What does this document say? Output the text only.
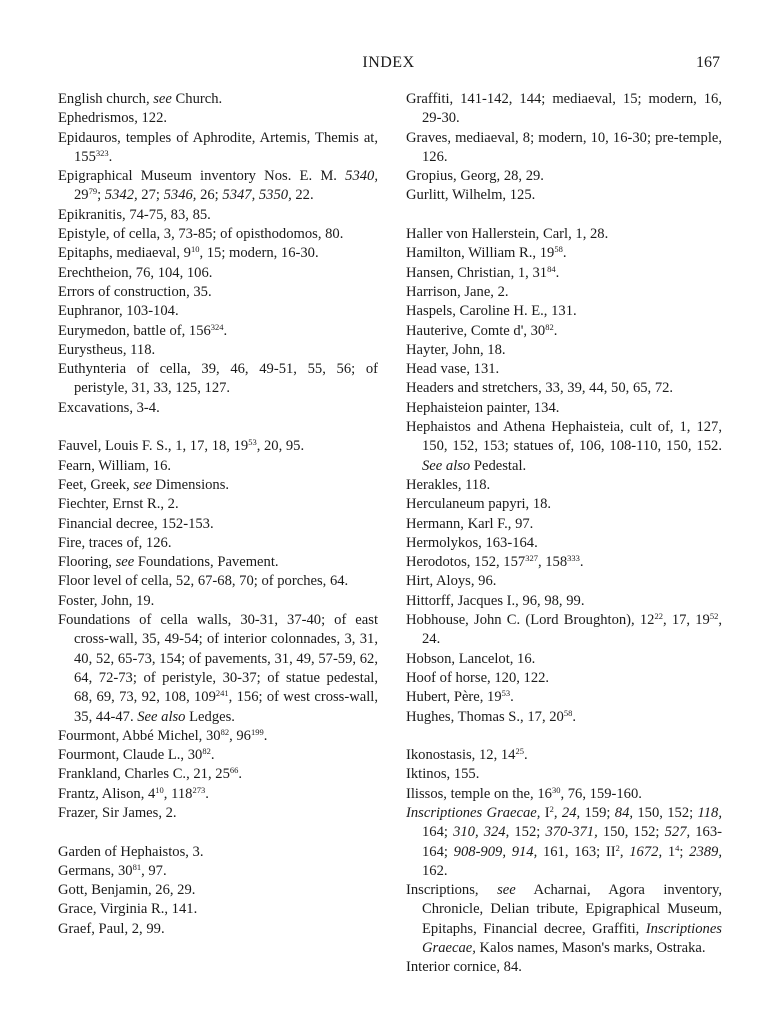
INDEX	167
English church, see Church.
Ephedrismos, 122.
Epidauros, temples of Aphrodite, Artemis, Themis at, $155^{323}$.
Epigraphical Museum inventory Nos. E. M. 5340, $29^{79}$; 5342, 27; 5346, 26; 5347, 5350, 22.
Epikranitis, 74-75, 83, 85.
Epistyle, of cella, 3, 73-85; of opisthodomos, 80.
Epitaphs, mediaeval, $9^{10}$, 15; modern, 16-30.
Erechtheion, 76, 104, 106.
Errors of construction, 35.
Euphranor, 103-104.
Eurymedon, battle of, $156^{324}$.
Eurystheus, 118.
Euthynteria of cella, 39, 46, 49-51, 55, 56; of peristyle, 31, 33, 125, 127.
Excavations, 3-4.
Fauvel, Louis F. S., 1, 17, 18, $19^{53}$, 20, 95.
Fearn, William, 16.
Feet, Greek, see Dimensions.
Fiechter, Ernst R., 2.
Financial decree, 152-153.
Fire, traces of, 126.
Flooring, see Foundations, Pavement.
Floor level of cella, 52, 67-68, 70; of porches, 64.
Foster, John, 19.
Foundations of cella walls, 30-31, 37-40; of east cross-wall, 35, 49-54; of interior colonnades, 3, 31, 40, 52, 65-73, 154; of pavements, 31, 49, 57-59, 62, 64, 72-73; of peristyle, 30-37; of statue pedestal, 68, 69, 73, 92, 108, $109^{241}$, 156; of west cross-wall, 35, 44-47. See also Ledges.
Fourmont, Abbé Michel, $30^{82}$, $96^{199}$.
Fourmont, Claude L., $30^{82}$.
Frankland, Charles C., 21, $25^{66}$.
Frantz, Alison, $4^{10}$, $118^{273}$.
Frazer, Sir James, 2.
Garden of Hephaistos, 3.
Germans, $30^{81}$, 97.
Gott, Benjamin, 26, 29.
Grace, Virginia R., 141.
Graef, Paul, 2, 99.
Graffiti, 141-142, 144; mediaeval, 15; modern, 16, 29-30.
Graves, mediaeval, 8; modern, 10, 16-30; pre-temple, 126.
Gropius, Georg, 28, 29.
Gurlitt, Wilhelm, 125.
Haller von Hallerstein, Carl, 1, 28.
Hamilton, William R., $19^{58}$.
Hansen, Christian, 1, $31^{84}$.
Harrison, Jane, 2.
Haspels, Caroline H. E., 131.
Hauterive, Comte d', $30^{82}$.
Hayter, John, 18.
Head vase, 131.
Headers and stretchers, 33, 39, 44, 50, 65, 72.
Hephaisteion painter, 134.
Hephaistos and Athena Hephaisteia, cult of, 1, 127, 150, 152, 153; statues of, 106, 108-110, 150, 152. See also Pedestal.
Herakles, 118.
Herculaneum papyri, 18.
Hermann, Karl F., 97.
Hermolykos, 163-164.
Herodotos, 152, $157^{327}$, $158^{333}$.
Hirt, Aloys, 96.
Hittorff, Jacques I., 96, 98, 99.
Hobhouse, John C. (Lord Broughton), $12^{22}$, 17, $19^{52}$, 24.
Hobson, Lancelot, 16.
Hoof of horse, 120, 122.
Hubert, Père, $19^{53}$.
Hughes, Thomas S., 17, $20^{58}$.
Ikonostasis, 12, $14^{25}$.
Iktinos, 155.
Ilissos, temple on the, $16^{30}$, 76, 159-160.
Inscriptiones Graecae, $I^2$, 24, 159; 84, 150, 152; 118, 164; 310, 324, 152; 370-371, 150, 152; 527, 163-164; 908-909, 914, 161, 163; $II^2$, 1672, $1^4$; 2389, 162.
Inscriptions, see Acharnai, Agora inventory, Chronicle, Delian tribute, Epigraphical Museum, Epitaphs, Financial decree, Graffiti, Inscriptiones Graecae, Kalos names, Mason's marks, Ostraka.
Interior cornice, 84.
